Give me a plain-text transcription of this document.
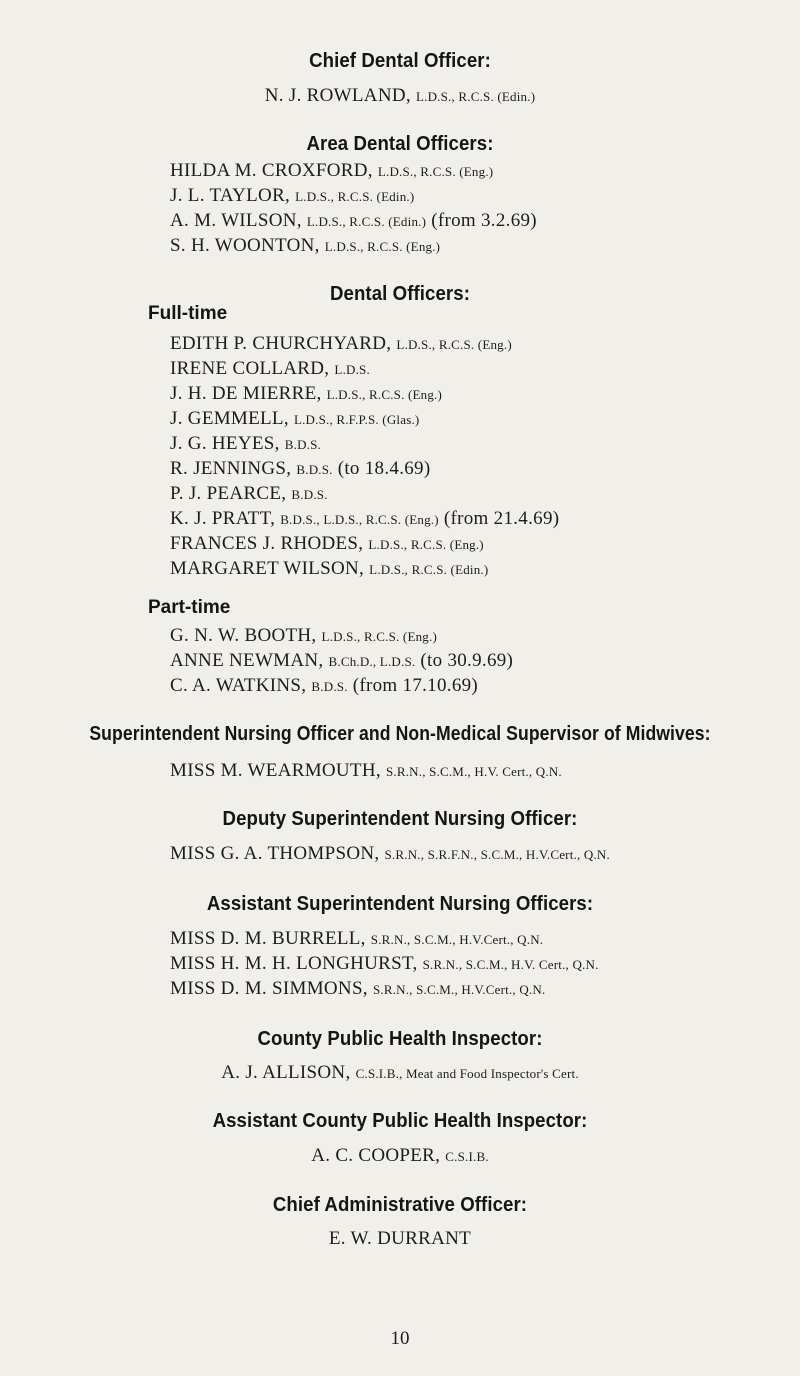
Chief Dental Officer:
N. J. ROWLAND, L.D.S., R.C.S. (Edin.)
Area Dental Officers:
HILDA M. CROXFORD, L.D.S., R.C.S. (Eng.)
J. L. TAYLOR, L.D.S., R.C.S. (Edin.)
A. M. WILSON, L.D.S., R.C.S. (Edin.) (from 3.2.69)
S. H. WOONTON, L.D.S., R.C.S. (Eng.)
Dental Officers:
Full-time
EDITH P. CHURCHYARD, L.D.S., R.C.S. (Eng.)
IRENE COLLARD, L.D.S.
J. H. DE MIERRE, L.D.S., R.C.S. (Eng.)
J. GEMMELL, L.D.S., R.F.P.S. (Glas.)
J. G. HEYES, B.D.S.
R. JENNINGS, B.D.S. (to 18.4.69)
P. J. PEARCE, B.D.S.
K. J. PRATT, B.D.S., L.D.S., R.C.S. (Eng.) (from 21.4.69)
FRANCES J. RHODES, L.D.S., R.C.S. (Eng.)
MARGARET WILSON, L.D.S., R.C.S. (Edin.)
Part-time
G. N. W. BOOTH, L.D.S., R.C.S. (Eng.)
ANNE NEWMAN, B.Ch.D., L.D.S. (to 30.9.69)
C. A. WATKINS, B.D.S. (from 17.10.69)
Superintendent Nursing Officer and Non-Medical Supervisor of Midwives:
MISS M. WEARMOUTH, S.R.N., S.C.M., H.V. Cert., Q.N.
Deputy Superintendent Nursing Officer:
MISS G. A. THOMPSON, S.R.N., S.R.F.N., S.C.M., H.V.Cert., Q.N.
Assistant Superintendent Nursing Officers:
MISS D. M. BURRELL, S.R.N., S.C.M., H.V.Cert., Q.N.
MISS H. M. H. LONGHURST, S.R.N., S.C.M., H.V. Cert., Q.N.
MISS D. M. SIMMONS, S.R.N., S.C.M., H.V.Cert., Q.N.
County Public Health Inspector:
A. J. ALLISON, C.S.I.B., Meat and Food Inspector's Cert.
Assistant County Public Health Inspector:
A. C. COOPER, C.S.I.B.
Chief Administrative Officer:
E. W. DURRANT
10
